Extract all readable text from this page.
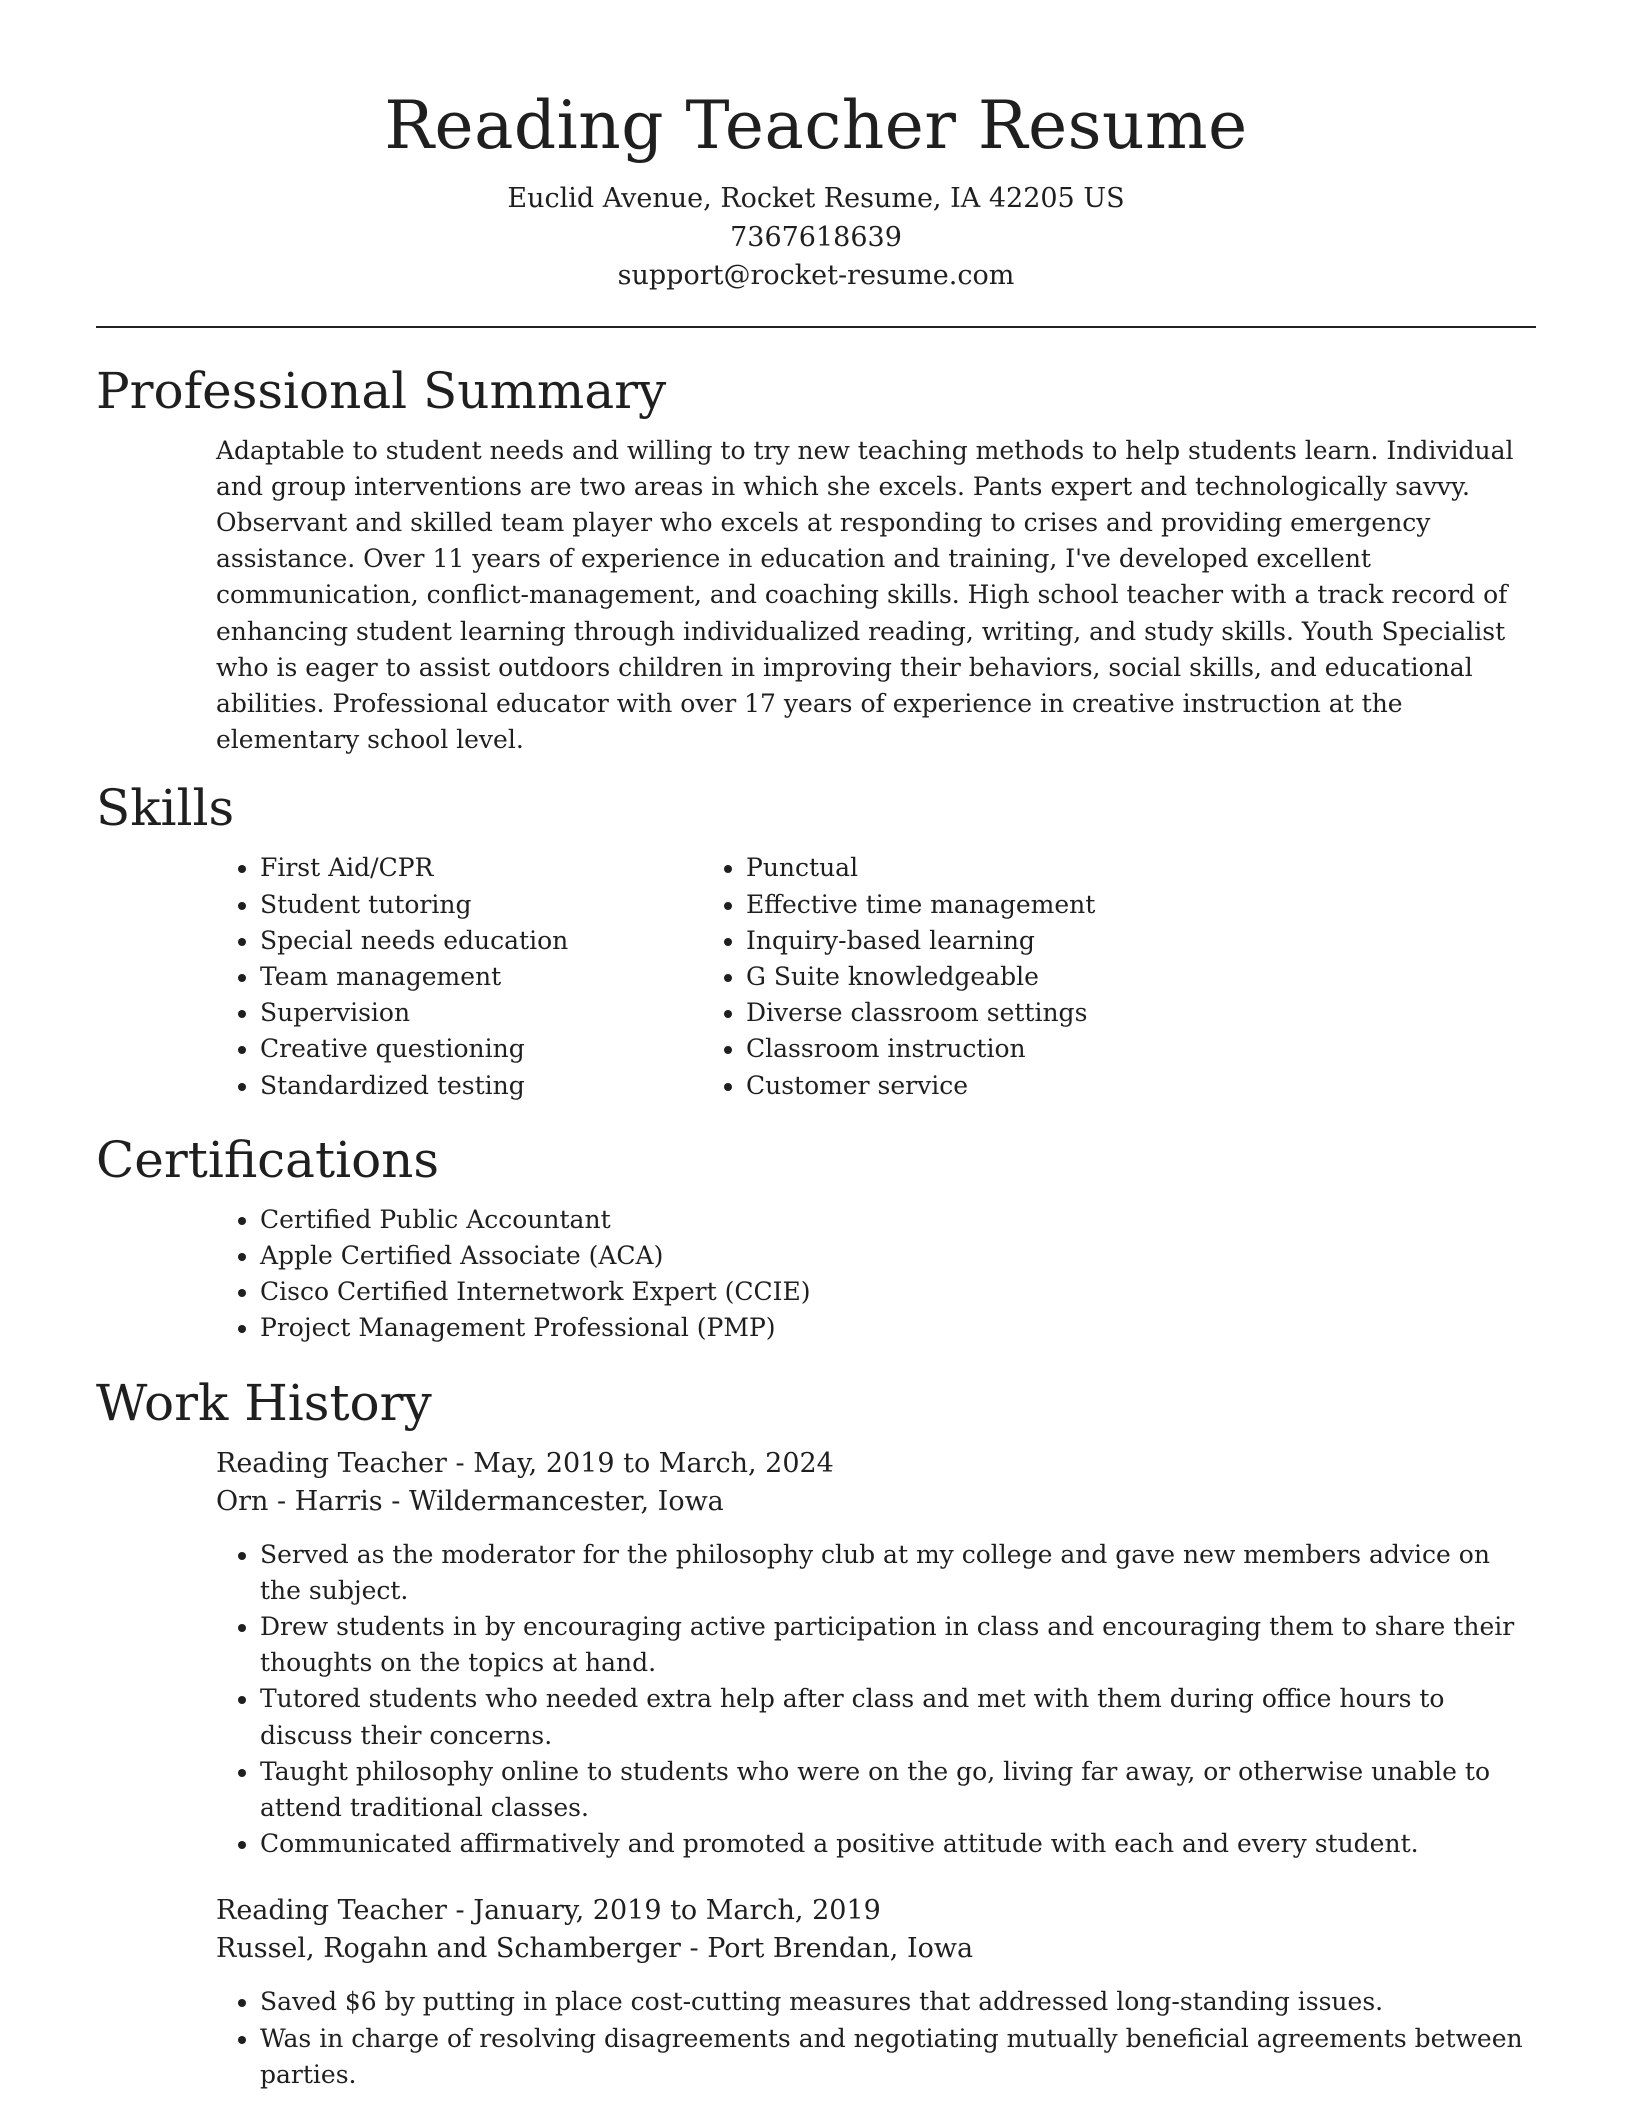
Reading Teacher Resume
Euclid Avenue, Rocket Resume, IA 42205 US
7367618639
support@rocket-resume.com
Professional Summary

Adaptable to student needs and willing to try new teaching methods to help students learn. Individual and group interventions are two areas in which she excels. Pants expert and technologically savvy. Observant and skilled team player who excels at responding to crises and providing emergency assistance. Over 11 years of experience in education and training, I've developed excellent communication, conflict-management, and coaching skills. High school teacher with a track record of enhancing student learning through individualized reading, writing, and study skills. Youth Specialist who is eager to assist outdoors children in improving their behaviors, social skills, and educational abilities. Professional educator with over 17 years of experience in creative instruction at the elementary school level.

Skills
• First Aid/CPR
• Student tutoring
• Special needs education
• Team management
• Supervision
• Creative questioning
• Standardized testing
• Punctual
• Effective time management
• Inquiry-based learning
• G Suite knowledgeable
• Diverse classroom settings
• Classroom instruction
• Customer service
Certifications
• Certified Public Accountant
• Apple Certified Associate (ACA)
• Cisco Certified Internetwork Expert (CCIE)
• Project Management Professional (PMP)
Work History
Reading Teacher - May, 2019 to March, 2024
Orn - Harris - Wildermancester, Iowa
• Served as the moderator for the philosophy club at my college and gave new members advice on the subject.
• Drew students in by encouraging active participation in class and encouraging them to share their thoughts on the topics at hand.
• Tutored students who needed extra help after class and met with them during office hours to discuss their concerns.
• Taught philosophy online to students who were on the go, living far away, or otherwise unable to attend traditional classes.
• Communicated affirmatively and promoted a positive attitude with each and every student.
Reading Teacher - January, 2019 to March, 2019
Russel, Rogahn and Schamberger - Port Brendan, Iowa
• Saved $6 by putting in place cost-cutting measures that addressed long-standing issues.
• Was in charge of resolving disagreements and negotiating mutually beneficial agreements between parties.
